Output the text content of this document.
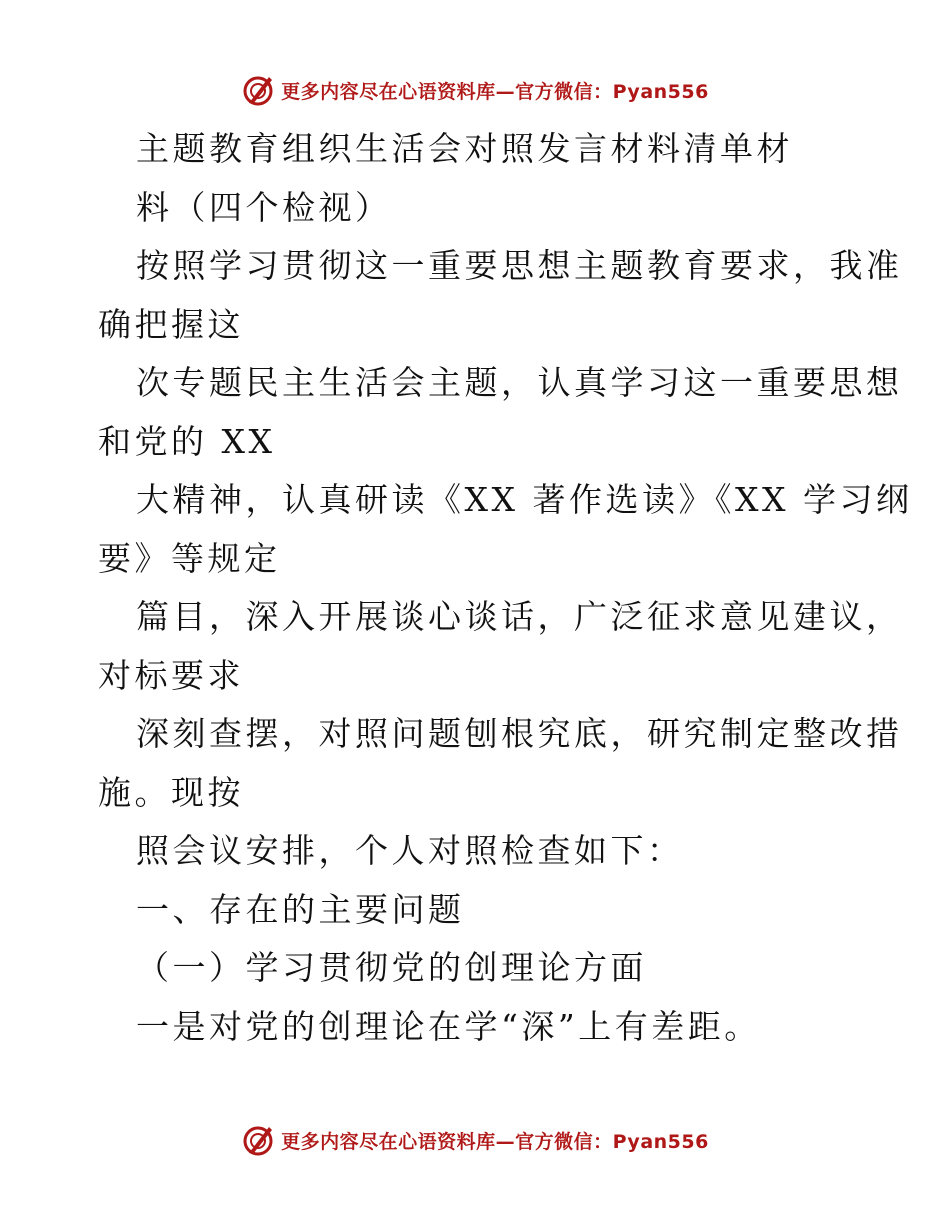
更多内容尽在心语资料库—官方微信：Pyan556
主题教育组织生活会对照发言材料清单材
料（四个检视）
按照学习贯彻这一重要思想主题教育要求，我准
确把握这
次专题民主生活会主题，认真学习这一重要思想
和党的 XX
大精神，认真研读《XX 著作选读》《XX 学习纲
要》等规定
篇目，深入开展谈心谈话，广泛征求意见建议，
对标要求
深刻查摆，对照问题刨根究底，研究制定整改措
施。现按
照会议安排，个人对照检查如下：
一、存在的主要问题
（一）学习贯彻党的创理论方面
一是对党的创理论在学“深”上有差距。
更多内容尽在心语资料库—官方微信：Pyan556
